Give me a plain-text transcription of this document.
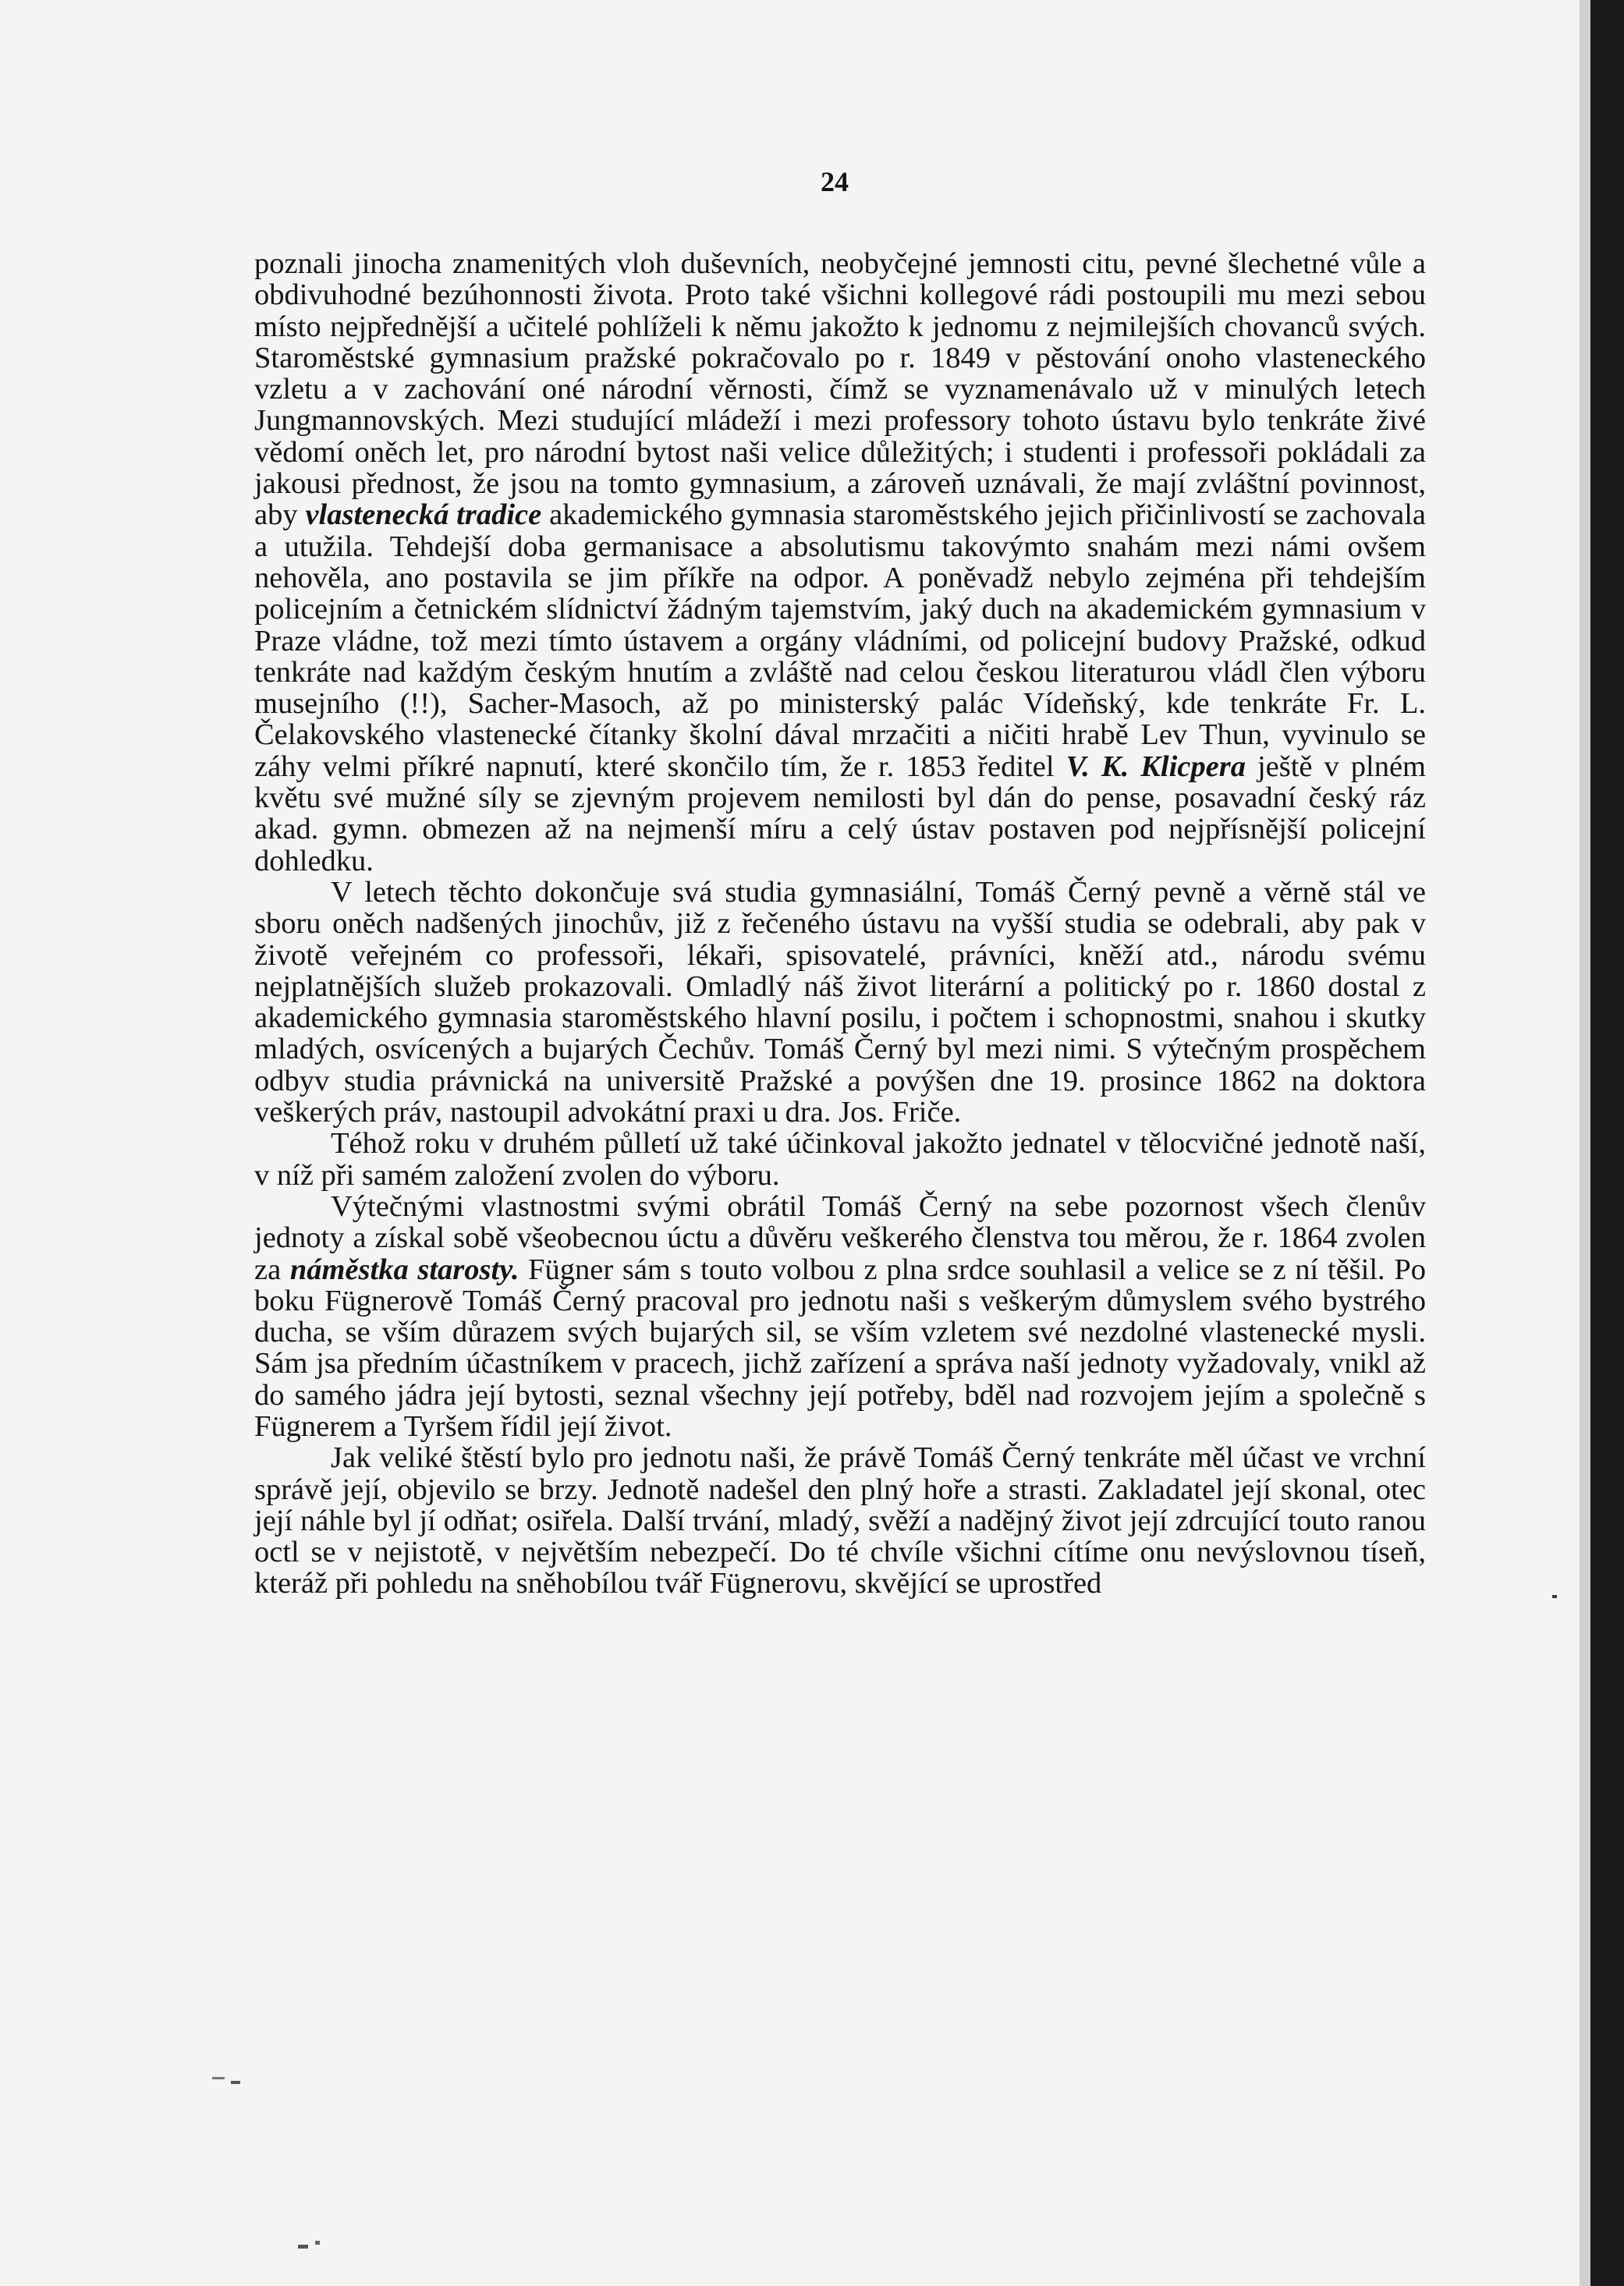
24

poznali jinocha znamenitých vloh duševních, neobyčejné jemnosti citu, pevné šlechetné vůle a obdivuhodné bezúhonnosti života. Proto také všichni kollegové rádi postoupili mu mezi sebou místo nejpřednější a učitelé pohlíželi k němu jakožto k jednomu z nejmilejších chovanců svých. Staroměstské gymnasium pražské pokračovalo po r. 1849 v pěstování onoho vlasteneckého vzletu a v zachování oné národní věrnosti, čímž se vyznamenávalo už v minulých letech Jungmannovských. Mezi studující mládeží i mezi professory tohoto ústavu bylo tenkráte živé vědomí oněch let, pro národní bytost naši velice důležitých; i studenti i professoři pokládali za jakousi přednost, že jsou na tomto gymnasium, a zároveň uznávali, že mají zvláštní povinnost, aby vlastenecká tradice akademického gymnasia staroměstského jejich přičinlivostí se zachovala a utužila. Tehdejší doba germanisace a absolutismu takovýmto snahám mezi námi ovšem nehověla, ano postavila se jim příkře na odpor. A poněvadž nebylo zejména při tehdejším policejním a četnickém slídnictví žádným tajemstvím, jaký duch na akademickém gymnasium v Praze vládne, tož mezi tímto ústavem a orgány vládními, od policejní budovy Pražské, odkud tenkráte nad každým českým hnutím a zvláště nad celou českou literaturou vládl člen výboru musejního (!!), Sacher-Masoch, až po ministerský palác Vídeňský, kde tenkráte Fr. L. Čelakovského vlastenecké čítanky školní dával mrzačiti a ničiti hrabě Lev Thun, vyvinulo se záhy velmi příkré napnutí, které skončilo tím, že r. 1853 ředitel V. K. Klicpera ještě v plném květu své mužné síly se zjevným projevem nemilosti byl dán do pense, posavadní český ráz akad. gymn. obmezen až na nejmenší míru a celý ústav postaven pod nejpřísnější policejní dohledku.

V letech těchto dokončuje svá studia gymnasiální, Tomáš Černý pevně a věrně stál ve sboru oněch nadšených jinochův, již z řečeného ústavu na vyšší studia se odebrali, aby pak v životě veřejném co professoři, lékaři, spisovatelé, právníci, kněží atd., národu svému nejplatnějších služeb prokazovali. Omladlý náš život literární a politický po r. 1860 dostal z akademického gymnasia staroměstského hlavní posilu, i počtem i schopnostmi, snahou i skutky mladých, osvícených a bujarých Čechův. Tomáš Černý byl mezi nimi. S výtečným prospěchem odbyv studia právnická na universitě Pražské a povýšen dne 19. prosince 1862 na doktora veškerých práv, nastoupil advokátní praxi u dra. Jos. Friče.

Téhož roku v druhém půlletí už také účinkoval jakožto jednatel v tělocvičné jednotě naší, v níž při samém založení zvolen do výboru.

Výtečnými vlastnostmi svými obrátil Tomáš Černý na sebe pozornost všech členův jednoty a získal sobě všeobecnou úctu a důvěru veškerého členstva tou měrou, že r. 1864 zvolen za náměstka starosty. Fügner sám s touto volbou z plna srdce souhlasil a velice se z ní těšil. Po boku Fügnerově Tomáš Černý pracoval pro jednotu naši s veškerým důmyslem svého bystrého ducha, se vším důrazem svých bujarých sil, se vším vzletem své nezdolné vlastenecké mysli. Sám jsa předním účastníkem v pracech, jichž zařízení a správa naší jednoty vyžadovaly, vnikl až do samého jádra její bytosti, seznal všechny její potřeby, bděl nad rozvojem jejím a společně s Fügnerem a Tyršem řídil její život.

Jak veliké štěstí bylo pro jednotu naši, že právě Tomáš Černý tenkráte měl účast ve vrchní správě její, objevilo se brzy. Jednotě nadešel den plný hoře a strasti. Zakladatel její skonal, otec její náhle byl jí odňat; osiřela. Další trvání, mladý, svěží a nadějný život její zdrcující touto ranou octl se v nejistotě, v největším nebezpečí. Do té chvíle všichni cítíme onu nevýslovnou tíseň, kteráž při pohledu na sněhobílou tvář Fügnerovu, skvějící se uprostřed
